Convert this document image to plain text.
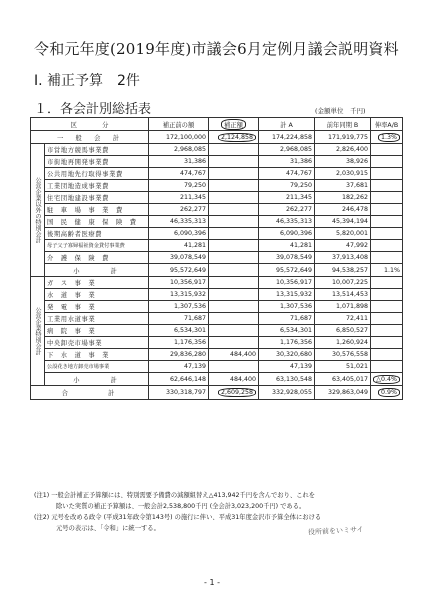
令和元年度(2019年度)市議会6月定例月議会説明資料
Ⅰ. 補正予算　2件
１．各会計別総括表	(金額単位　千円)
区　　　　分		補正前の額	補正額	計 A	前年同期 B	伸率A/B
一　般　会　計		172,100,000	2,124,858	174,224,858	171,919,775	1.3%
公営企業以外の特別会計	市営地方競馬事業費	2,968,085		2,968,085	2,826,400	
	市街地再開発事業費	31,386		31,386	38,926	
	公共用地先行取得事業費	474,767		474,767	2,030,915	
	工業団地造成事業費	79,250		79,250	37,681	
	住宅団地建設事業費	211,345		211,345	182,262	
	駐　車　場　事　業　費	262,277		262,277	246,478	
	国　民　健　康　保　険　費	46,335,313		46,335,313	45,394,194	
	後期高齢者医療費	6,090,396		6,090,396	5,820,001	
	母子父子寡婦福祉資金貸付事業費	41,281		41,281	47,992	
	介　護　保　険　費	39,078,549		39,078,549	37,913,408	
	小　　　計	95,572,649		95,572,649	94,538,257	1.1%
公営企業特別会計	ガ　ス　事　業	10,356,917		10,356,917	10,007,225	
	水　道　事　業	13,315,932		13,315,932	13,514,453	
	発　電　事　業	1,307,536		1,307,536	1,071,898	
	工業用水道事業	71,687		71,687	72,411	
	病　院　事　業	6,534,301		6,534,301	6,850,527	
	中央卸売市場事業	1,176,356		1,176,356	1,260,924	
	下　水　道　事　業	29,836,280	484,400	30,320,680	30,576,558	
	公設花き地方卸売市場事業	47,139		47,139	51,021	
	小　　　計	62,646,148	484,400	63,130,548	63,405,017	△0.4%
合　　　　計		330,318,797	2,609,258	332,928,055	329,863,049	0.9%
(注1) 一般会計補正予算額には、特別需要予備費の減額組替え△413,942千円を含んでおり、これを
除いた実質の補正予算額は、一般会計2,538,800千円 (全会計3,023,200千円) である。
(注2) 元号を改める政令 (平成31年政令第143号) の施行に伴い、平成31年度金沢市予算全体における
元号の表示は、「令和」に統一する。	役所前をいミサイ
- 1 -
